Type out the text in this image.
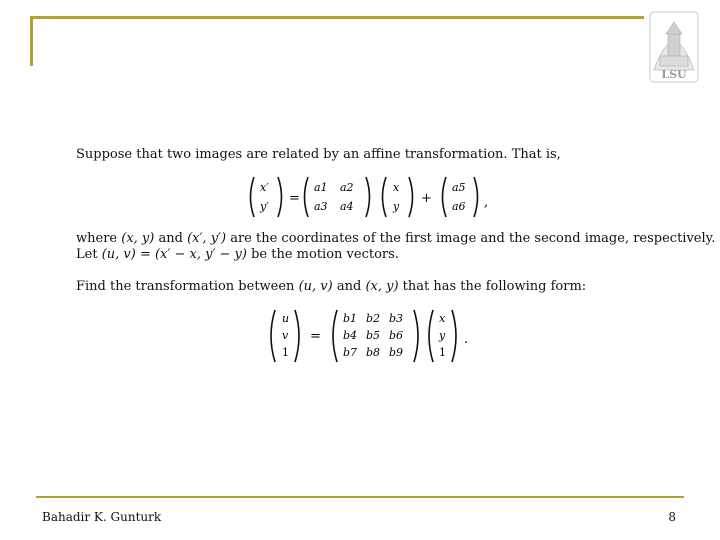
LSU
Suppose that two images are related by an affine transformation. That is,
x′
y′
=
a1 a2
a3 a4
x
y
+
a5
a6 ,
where (x, y) and (x′, y′) are the coordinates of the first image and the second image, respectively.
Let (u, v) = (x′ − x, y′ − y) be the motion vectors.
Find the transformation between (u, v) and (x, y) that has the following form:
u
v
1
=
b1 b2 b3
b4 b5 b6
b7 b8 b9
x
y
1
.
Bahadir K. Gunturk	8
